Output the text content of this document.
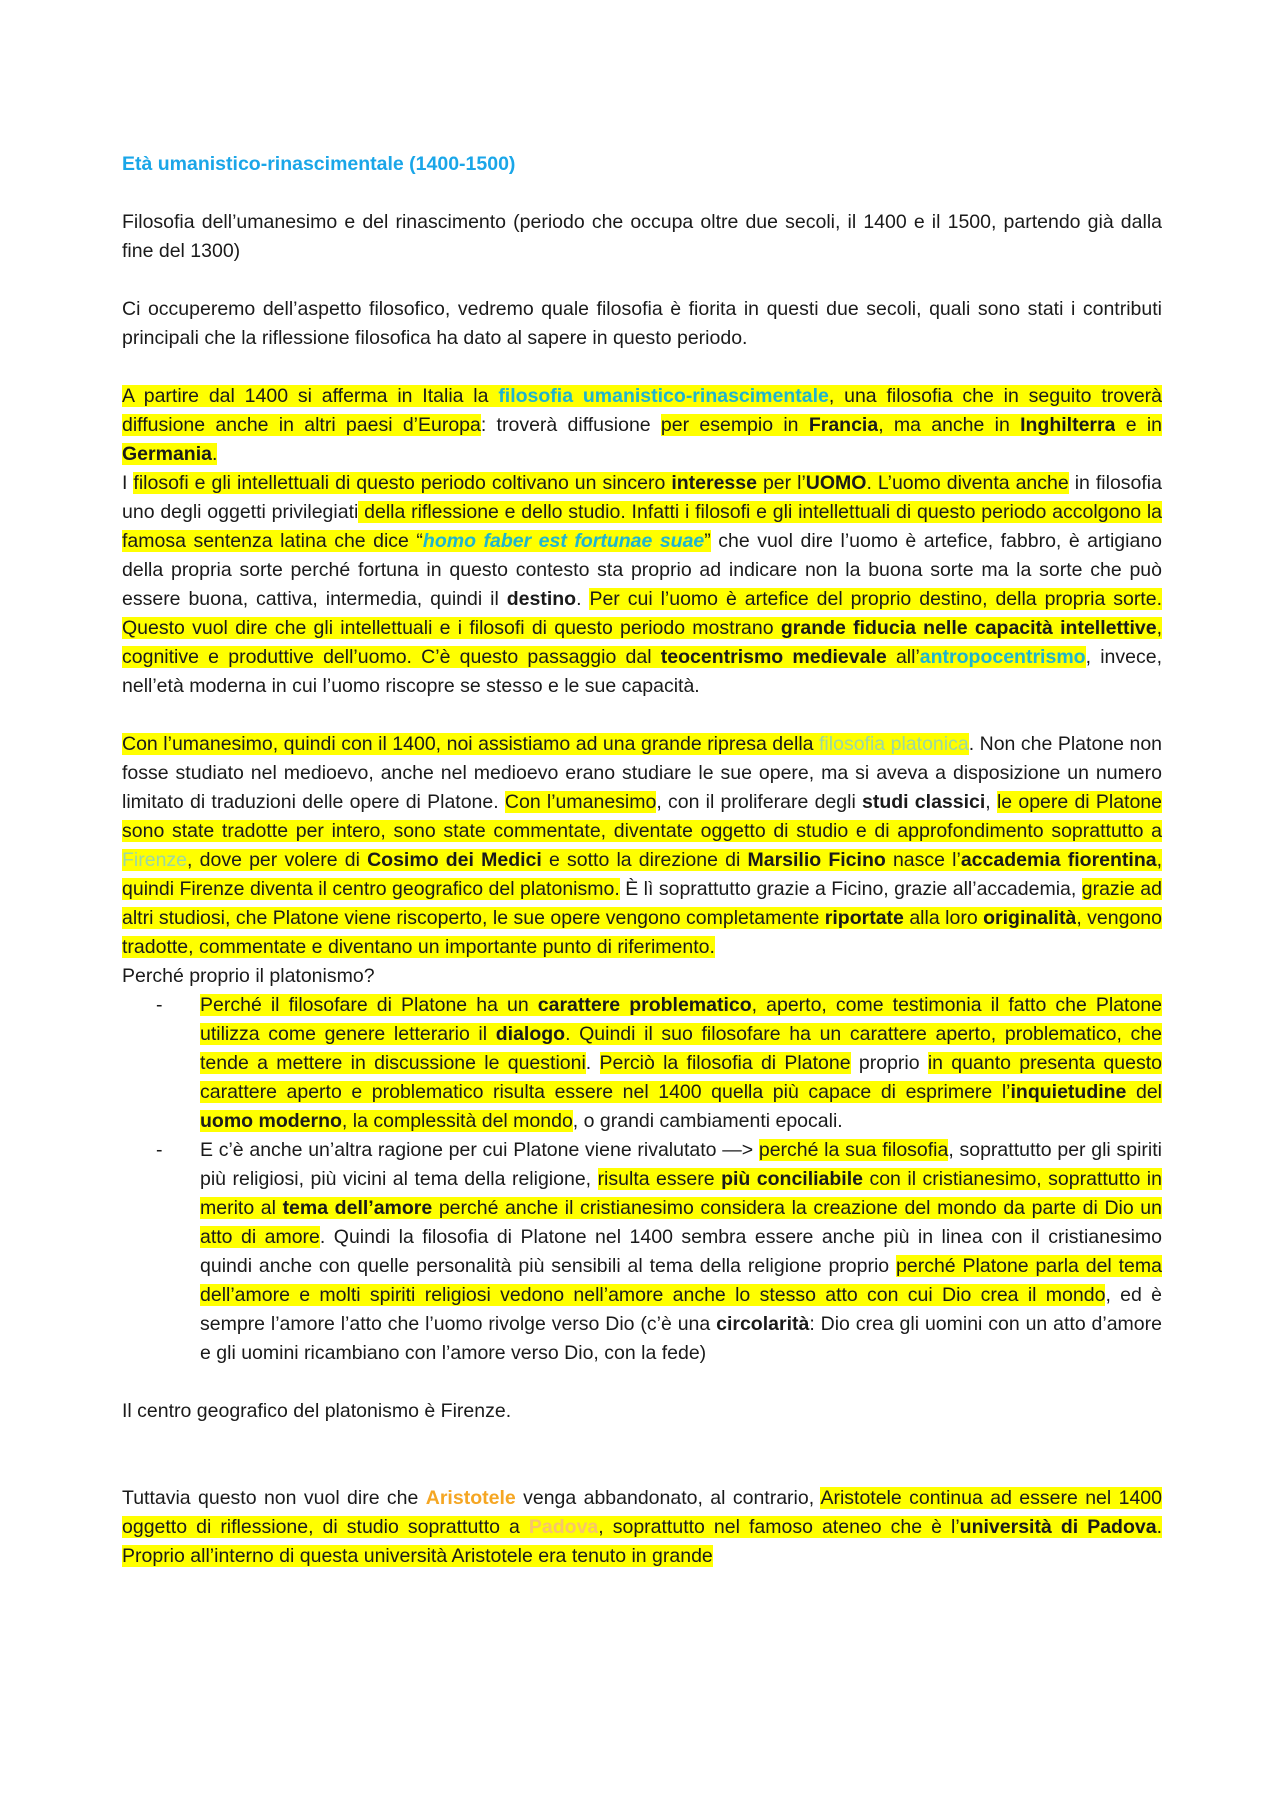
Età umanistico-rinascimentale (1400-1500)

Filosofia dell’umanesimo e del rinascimento (periodo che occupa oltre due secoli, il 1400 e il 1500, partendo già dalla fine del 1300)

Ci occuperemo dell’aspetto filosofico, vedremo quale filosofia è fiorita in questi due secoli, quali sono stati i contributi principali che la riflessione filosofica ha dato al sapere in questo periodo.

A partire dal 1400 si afferma in Italia la filosofia umanistico-rinascimentale, una filosofia che in seguito troverà diffusione anche in altri paesi d’Europa: troverà diffusione per esempio in Francia, ma anche in Inghilterra e in Germania.

I filosofi e gli intellettuali di questo periodo coltivano un sincero interesse per l’UOMO. L’uomo diventa anche in filosofia uno degli oggetti privilegiati della riflessione e dello studio. Infatti i filosofi e gli intellettuali di questo periodo accolgono la famosa sentenza latina che dice “homo faber est fortunae suae” che vuol dire l’uomo è artefice, fabbro, è artigiano della propria sorte perché fortuna in questo contesto sta proprio ad indicare non la buona sorte ma la sorte che può essere buona, cattiva, intermedia, quindi il destino. Per cui l’uomo è artefice del proprio destino, della propria sorte. Questo vuol dire che gli intellettuali e i filosofi di questo periodo mostrano grande fiducia nelle capacità intellettive, cognitive e produttive dell’uomo. C’è questo passaggio dal teocentrismo medievale all’antropocentrismo, invece, nell’età moderna in cui l’uomo riscopre se stesso e le sue capacità.

Con l’umanesimo, quindi con il 1400, noi assistiamo ad una grande ripresa della filosofia platonica. Non che Platone non fosse studiato nel medioevo, anche nel medioevo erano studiare le sue opere, ma si aveva a disposizione un numero limitato di traduzioni delle opere di Platone. Con l’umanesimo, con il proliferare degli studi classici, le opere di Platone sono state tradotte per intero, sono state commentate, diventate oggetto di studio e di approfondimento soprattutto a Firenze, dove per volere di Cosimo dei Medici e sotto la direzione di Marsilio Ficino nasce l’accademia fiorentina, quindi Firenze diventa il centro geografico del platonismo. È lì soprattutto grazie a Ficino, grazie all’accademia, grazie ad altri studiosi, che Platone viene riscoperto, le sue opere vengono completamente riportate alla loro originalità, vengono tradotte, commentate e diventano un importante punto di riferimento.

Perché proprio il platonismo?

- Perché il filosofare di Platone ha un carattere problematico, aperto, come testimonia il fatto che Platone utilizza come genere letterario il dialogo. Quindi il suo filosofare ha un carattere aperto, problematico, che tende a mettere in discussione le questioni. Perciò la filosofia di Platone proprio in quanto presenta questo carattere aperto e problematico risulta essere nel 1400 quella più capace di esprimere l’inquietudine del uomo moderno, la complessità del mondo, o grandi cambiamenti epocali.
- E c’è anche un’altra ragione per cui Platone viene rivalutato —> perché la sua filosofia, soprattutto per gli spiriti più religiosi, più vicini al tema della religione, risulta essere più conciliabile con il cristianesimo, soprattutto in merito al tema dell’amore perché anche il cristianesimo considera la creazione del mondo da parte di Dio un atto di amore. Quindi la filosofia di Platone nel 1400 sembra essere anche più in linea con il cristianesimo quindi anche con quelle personalità più sensibili al tema della religione proprio perché Platone parla del tema dell’amore e molti spiriti religiosi vedono nell’amore anche lo stesso atto con cui Dio crea il mondo, ed è sempre l’amore l’atto che l’uomo rivolge verso Dio (c’è una circolarità: Dio crea gli uomini con un atto d’amore e gli uomini ricambiano con l’amore verso Dio, con la fede)

Il centro geografico del platonismo è Firenze.

Tuttavia questo non vuol dire che Aristotele venga abbandonato, al contrario, Aristotele continua ad essere nel 1400 oggetto di riflessione, di studio soprattutto a Padova, soprattutto nel famoso ateneo che è l’università di Padova. Proprio all’interno di questa università Aristotele era tenuto in grande
